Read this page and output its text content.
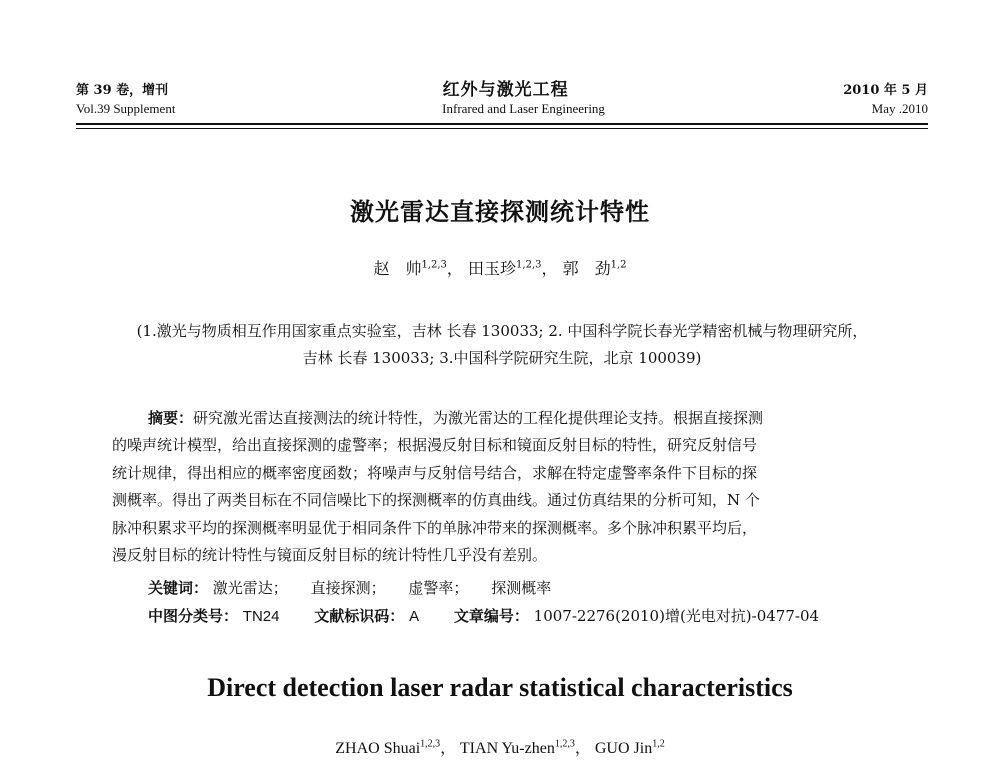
第 39 卷，增刊	红外与激光工程	2010 年 5 月
Vol.39 Supplement	Infrared and Laser Engineering	May .2010
激光雷达直接探测统计特性
赵　帅$^{1,2,3}$， 田玉珍$^{1,2,3}$， 郭　劲$^{1,2}$
(1.激光与物质相互作用国家重点实验室，吉林 长春 130033; 2. 中国科学院长春光学精密机械与物理研究所，
吉林 长春 130033; 3.中国科学院研究生院，北京 100039)
摘要：研究激光雷达直接测法的统计特性，为激光雷达的工程化提供理论支持。根据直接探测
的噪声统计模型，给出直接探测的虚警率；根据漫反射目标和镜面反射目标的特性，研究反射信号
统计规律，得出相应的概率密度函数；将噪声与反射信号结合，求解在特定虚警率条件下目标的探
测概率。得出了两类目标在不同信噪比下的探测概率的仿真曲线。通过仿真结果的分析可知，N 个
脉冲积累求平均的探测概率明显优于相同条件下的单脉冲带来的探测概率。多个脉冲积累平均后，
漫反射目标的统计特性与镜面反射目标的统计特性几乎没有差别。
关键词： 激光雷达； 直接探测； 虚警率； 探测概率
中图分类号： TN24 文献标识码： A 文章编号： 1007-2276(2010)增(光电对抗)-0477-04
Direct detection laser radar statistical characteristics
ZHAO Shuai$^{1,2,3}$， TIAN Yu-zhen$^{1,2,3}$， GUO Jin$^{1,2}$
